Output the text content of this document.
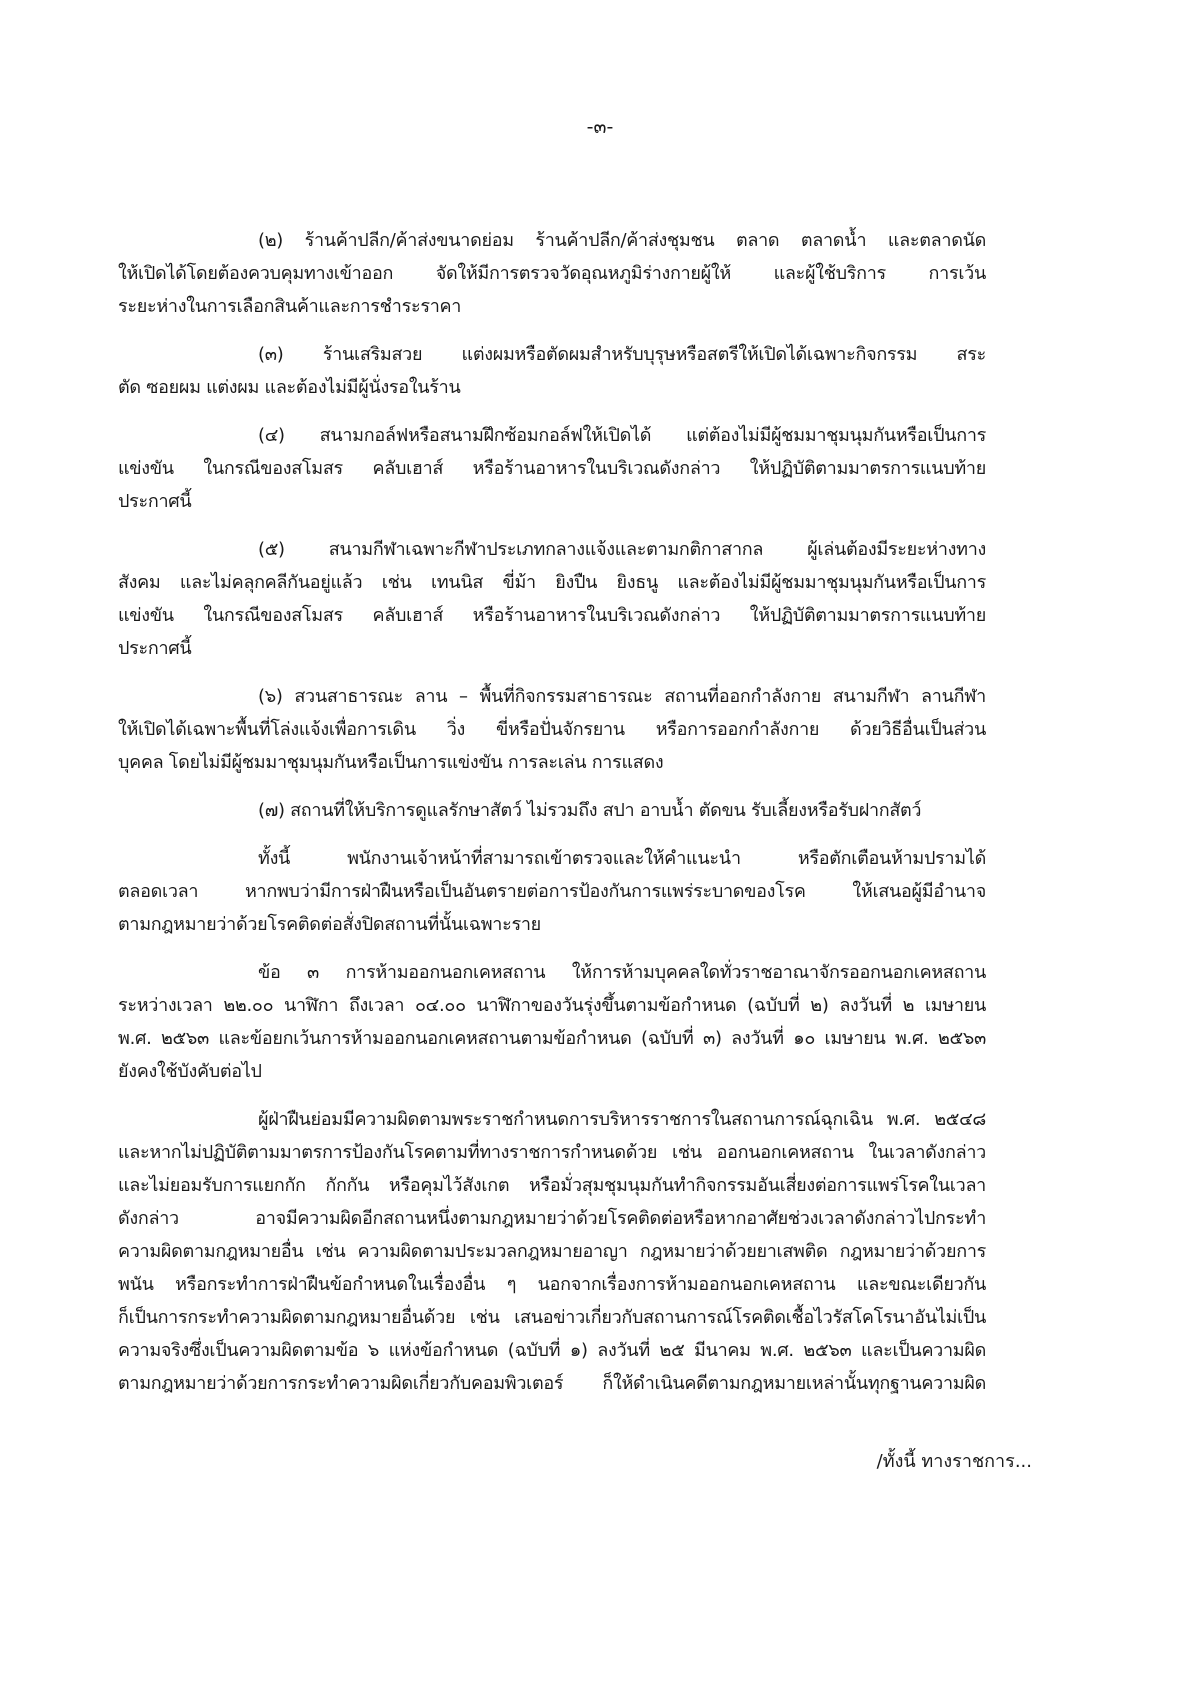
-๓-
(๒) ร้านค้าปลีก/ค้าส่งขนาดย่อม ร้านค้าปลีก/ค้าส่งชุมชน ตลาด ตลาดน้ำ และตลาดนัด
ให้เปิดได้โดยต้องควบคุมทางเข้าออก จัดให้มีการตรวจวัดอุณหภูมิร่างกายผู้ให้ และผู้ใช้บริการ การเว้น
ระยะห่างในการเลือกสินค้าและการชำระราคา
(๓) ร้านเสริมสวย แต่งผมหรือตัดผมสำหรับบุรุษหรือสตรีให้เปิดได้เฉพาะกิจกรรม สระ
ตัด ซอยผม แต่งผม และต้องไม่มีผู้นั่งรอในร้าน
(๔) สนามกอล์ฟหรือสนามฝึกซ้อมกอล์ฟให้เปิดได้ แต่ต้องไม่มีผู้ชมมาชุมนุมกันหรือเป็นการ
แข่งขัน ในกรณีของสโมสร คลับเฮาส์ หรือร้านอาหารในบริเวณดังกล่าว ให้ปฏิบัติตามมาตรการแนบท้าย
ประกาศนี้
(๕) สนามกีฬาเฉพาะกีฬาประเภทกลางแจ้งและตามกติกาสากล ผู้เล่นต้องมีระยะห่างทาง
สังคม และไม่คลุกคลีกันอยู่แล้ว เช่น เทนนิส ขี่ม้า ยิงปืน ยิงธนู และต้องไม่มีผู้ชมมาชุมนุมกันหรือเป็นการ
แข่งขัน ในกรณีของสโมสร คลับเฮาส์ หรือร้านอาหารในบริเวณดังกล่าว ให้ปฏิบัติตามมาตรการแนบท้าย
ประกาศนี้
(๖) สวนสาธารณะ ลาน – พื้นที่กิจกรรมสาธารณะ สถานที่ออกกำลังกาย สนามกีฬา ลานกีฬา
ให้เปิดได้เฉพาะพื้นที่โล่งแจ้งเพื่อการเดิน วิ่ง ขี่หรือปั่นจักรยาน หรือการออกกำลังกาย ด้วยวิธีอื่นเป็นส่วน
บุคคล โดยไม่มีผู้ชมมาชุมนุมกันหรือเป็นการแข่งขัน การละเล่น การแสดง
(๗) สถานที่ให้บริการดูแลรักษาสัตว์ ไม่รวมถึง สปา อาบน้ำ ตัดขน รับเลี้ยงหรือรับฝากสัตว์
ทั้งนี้ พนักงานเจ้าหน้าที่สามารถเข้าตรวจและให้คำแนะนำ หรือตักเตือนห้ามปรามได้
ตลอดเวลา หากพบว่ามีการฝ่าฝืนหรือเป็นอันตรายต่อการป้องกันการแพร่ระบาดของโรค ให้เสนอผู้มีอำนาจ
ตามกฎหมายว่าด้วยโรคติดต่อสั่งปิดสถานที่นั้นเฉพาะราย
ข้อ ๓ การห้ามออกนอกเคหสถาน ให้การห้ามบุคคลใดทั่วราชอาณาจักรออกนอกเคหสถาน
ระหว่างเวลา ๒๒.๐๐ นาฬิกา ถึงเวลา ๐๔.๐๐ นาฬิกาของวันรุ่งขึ้นตามข้อกำหนด (ฉบับที่ ๒) ลงวันที่ ๒ เมษายน
พ.ศ. ๒๕๖๓ และข้อยกเว้นการห้ามออกนอกเคหสถานตามข้อกำหนด (ฉบับที่ ๓) ลงวันที่ ๑๐ เมษายน พ.ศ. ๒๕๖๓
ยังคงใช้บังคับต่อไป
ผู้ฝ่าฝืนย่อมมีความผิดตามพระราชกำหนดการบริหารราชการในสถานการณ์ฉุกเฉิน พ.ศ. ๒๕๔๘
และหากไม่ปฏิบัติตามมาตรการป้องกันโรคตามที่ทางราชการกำหนดด้วย เช่น ออกนอกเคหสถาน ในเวลาดังกล่าว
และไม่ยอมรับการแยกกัก กักกัน หรือคุมไว้สังเกต หรือมั่วสุมชุมนุมกันทำกิจกรรมอันเสี่ยงต่อการแพร่โรคในเวลา
ดังกล่าว อาจมีความผิดอีกสถานหนึ่งตามกฎหมายว่าด้วยโรคติดต่อหรือหากอาศัยช่วงเวลาดังกล่าวไปกระทำ
ความผิดตามกฎหมายอื่น เช่น ความผิดตามประมวลกฎหมายอาญา กฎหมายว่าด้วยยาเสพติด กฎหมายว่าด้วยการ
พนัน หรือกระทำการฝ่าฝืนข้อกำหนดในเรื่องอื่น ๆ นอกจากเรื่องการห้ามออกนอกเคหสถาน และขณะเดียวกัน
ก็เป็นการกระทำความผิดตามกฎหมายอื่นด้วย เช่น เสนอข่าวเกี่ยวกับสถานการณ์โรคติดเชื้อไวรัสโคโรนาอันไม่เป็น
ความจริงซึ่งเป็นความผิดตามข้อ ๖ แห่งข้อกำหนด (ฉบับที่ ๑) ลงวันที่ ๒๕ มีนาคม พ.ศ. ๒๕๖๓ และเป็นความผิด
ตามกฎหมายว่าด้วยการกระทำความผิดเกี่ยวกับคอมพิวเตอร์ ก็ให้ดำเนินคดีตามกฎหมายเหล่านั้นทุกฐานความผิด
/ทั้งนี้ ทางราชการ...
